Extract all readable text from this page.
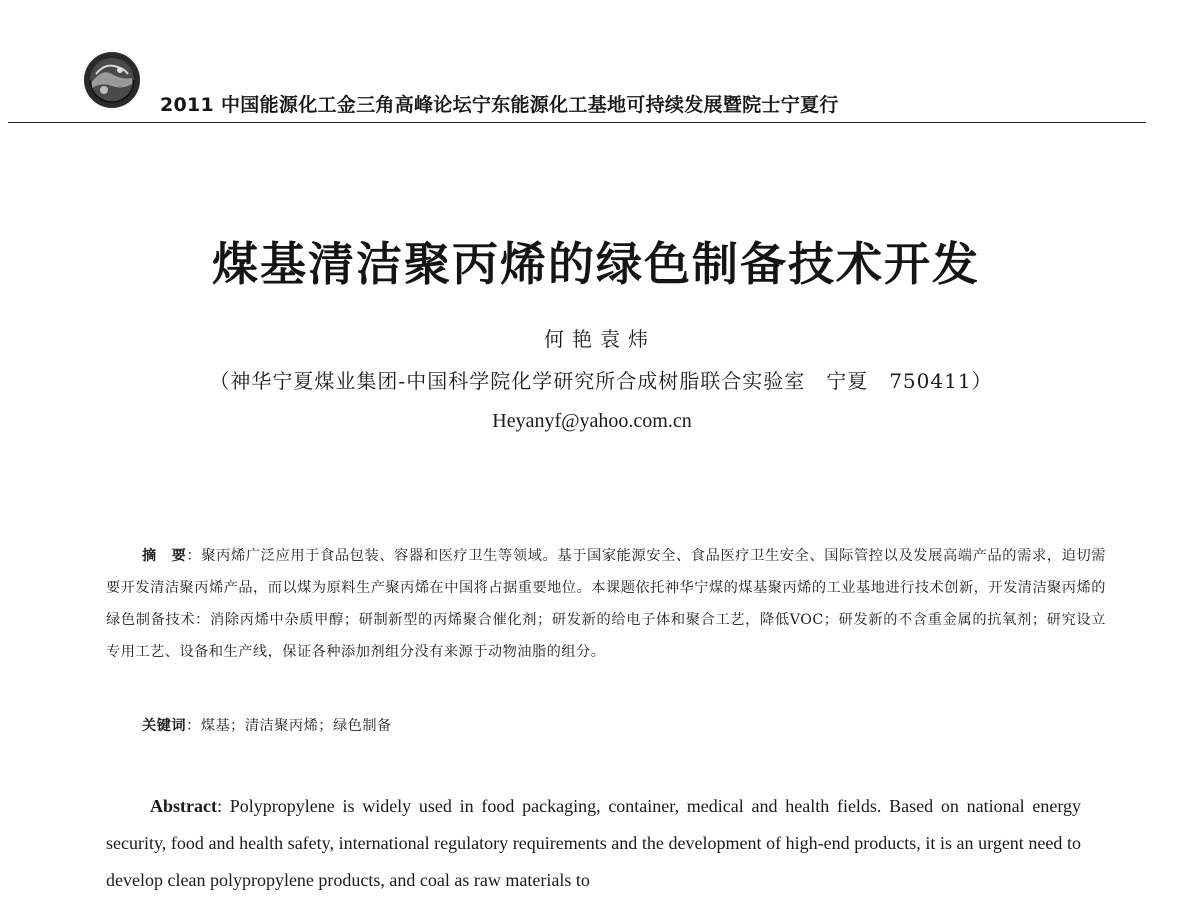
2011 中国能源化工金三角高峰论坛宁东能源化工基地可持续发展暨院士宁夏行
煤基清洁聚丙烯的绿色制备技术开发
何艳袁炜
（神华宁夏煤业集团-中国科学院化学研究所合成树脂联合实验室　宁夏　750411）
Heyanyf@yahoo.com.cn
摘　要：聚丙烯广泛应用于食品包装、容器和医疗卫生等领域。基于国家能源安全、食品医疗卫生安全、国际管控以及发展高端产品的需求，迫切需要开发清洁聚丙烯产品，而以煤为原料生产聚丙烯在中国将占据重要地位。本课题依托神华宁煤的煤基聚丙烯的工业基地进行技术创新，开发清洁聚丙烯的绿色制备技术：消除丙烯中杂质甲醇；研制新型的丙烯聚合催化剂；研发新的给电子体和聚合工艺，降低VOC；研发新的不含重金属的抗氧剂；研究设立专用工艺、设备和生产线，保证各种添加剂组分没有来源于动物油脂的组分。
关键词：煤基；清洁聚丙烯；绿色制备
Abstract: Polypropylene is widely used in food packaging, container, medical and health fields. Based on national energy security, food and health safety, international regulatory requirements and the development of high-end products, it is an urgent need to develop clean polypropylene products, and coal as raw materials to
